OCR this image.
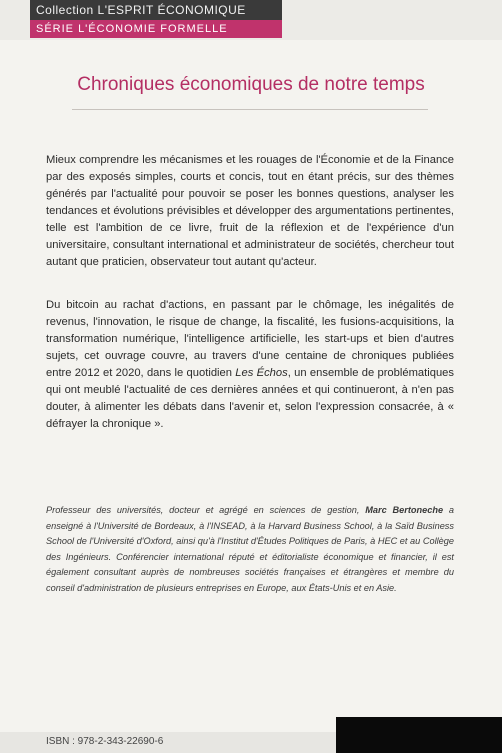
Collection L'ESPRIT ÉCONOMIQUE
SÉRIE L'ÉCONOMIE FORMELLE
Chroniques économiques de notre temps

Mieux comprendre les mécanismes et les rouages de l'Économie et de la Finance par des exposés simples, courts et concis, tout en étant précis, sur des thèmes générés par l'actualité pour pouvoir se poser les bonnes questions, analyser les tendances et évolutions prévisibles et développer des argumentations pertinentes, telle est l'ambition de ce livre, fruit de la réflexion et de l'expérience d'un universitaire, consultant international et administrateur de sociétés, chercheur tout autant que praticien, observateur tout autant qu'acteur.

Du bitcoin au rachat d'actions, en passant par le chômage, les inégalités de revenus, l'innovation, le risque de change, la fiscalité, les fusions-acquisitions, la transformation numérique, l'intelligence artificielle, les start-ups et bien d'autres sujets, cet ouvrage couvre, au travers d'une centaine de chroniques publiées entre 2012 et 2020, dans le quotidien Les Échos, un ensemble de problématiques qui ont meublé l'actualité de ces dernières années et qui continueront, à n'en pas douter, à alimenter les débats dans l'avenir et, selon l'expression consacrée, à « défrayer la chronique ».

Professeur des universités, docteur et agrégé en sciences de gestion, Marc Bertoneche a enseigné à l'Université de Bordeaux, à l'INSEAD, à la Harvard Business School, à la Saïd Business School de l'Université d'Oxford, ainsi qu'à l'Institut d'Études Politiques de Paris, à HEC et au Collège des Ingénieurs. Conférencier international réputé et éditorialiste économique et financier, il est également consultant auprès de nombreuses sociétés françaises et étrangères et membre du conseil d'administration de plusieurs entreprises en Europe, aux États-Unis et en Asie.

ISBN : 978-2-343-22690-6
